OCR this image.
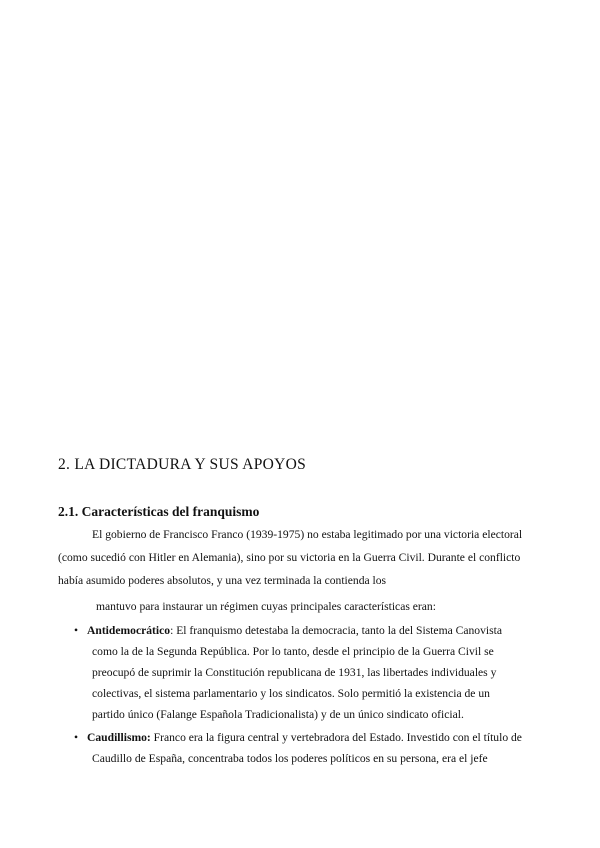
2. LA DICTADURA Y SUS APOYOS
2.1. Características del franquismo
El gobierno de Francisco Franco (1939-1975) no estaba legitimado por una victoria electoral
(como sucedió con Hitler en Alemania), sino por su victoria en la Guerra Civil. Durante el conflicto
había asumido poderes absolutos, y una vez terminada la contienda los
mantuvo para instaurar un régimen cuyas principales características eran:
• Antidemocrático: El franquismo detestaba la democracia, tanto la del Sistema Canovista
como la de la Segunda República. Por lo tanto, desde el principio de la Guerra Civil se
preocupó de suprimir la Constitución republicana de 1931, las libertades individuales y
colectivas, el sistema parlamentario y los sindicatos. Solo permitió la existencia de un
partido único (Falange Española Tradicionalista) y de un único sindicato oficial.
• Caudillismo: Franco era la figura central y vertebradora del Estado. Investido con el título de
Caudillo de España, concentraba todos los poderes políticos en su persona, era el jefe
